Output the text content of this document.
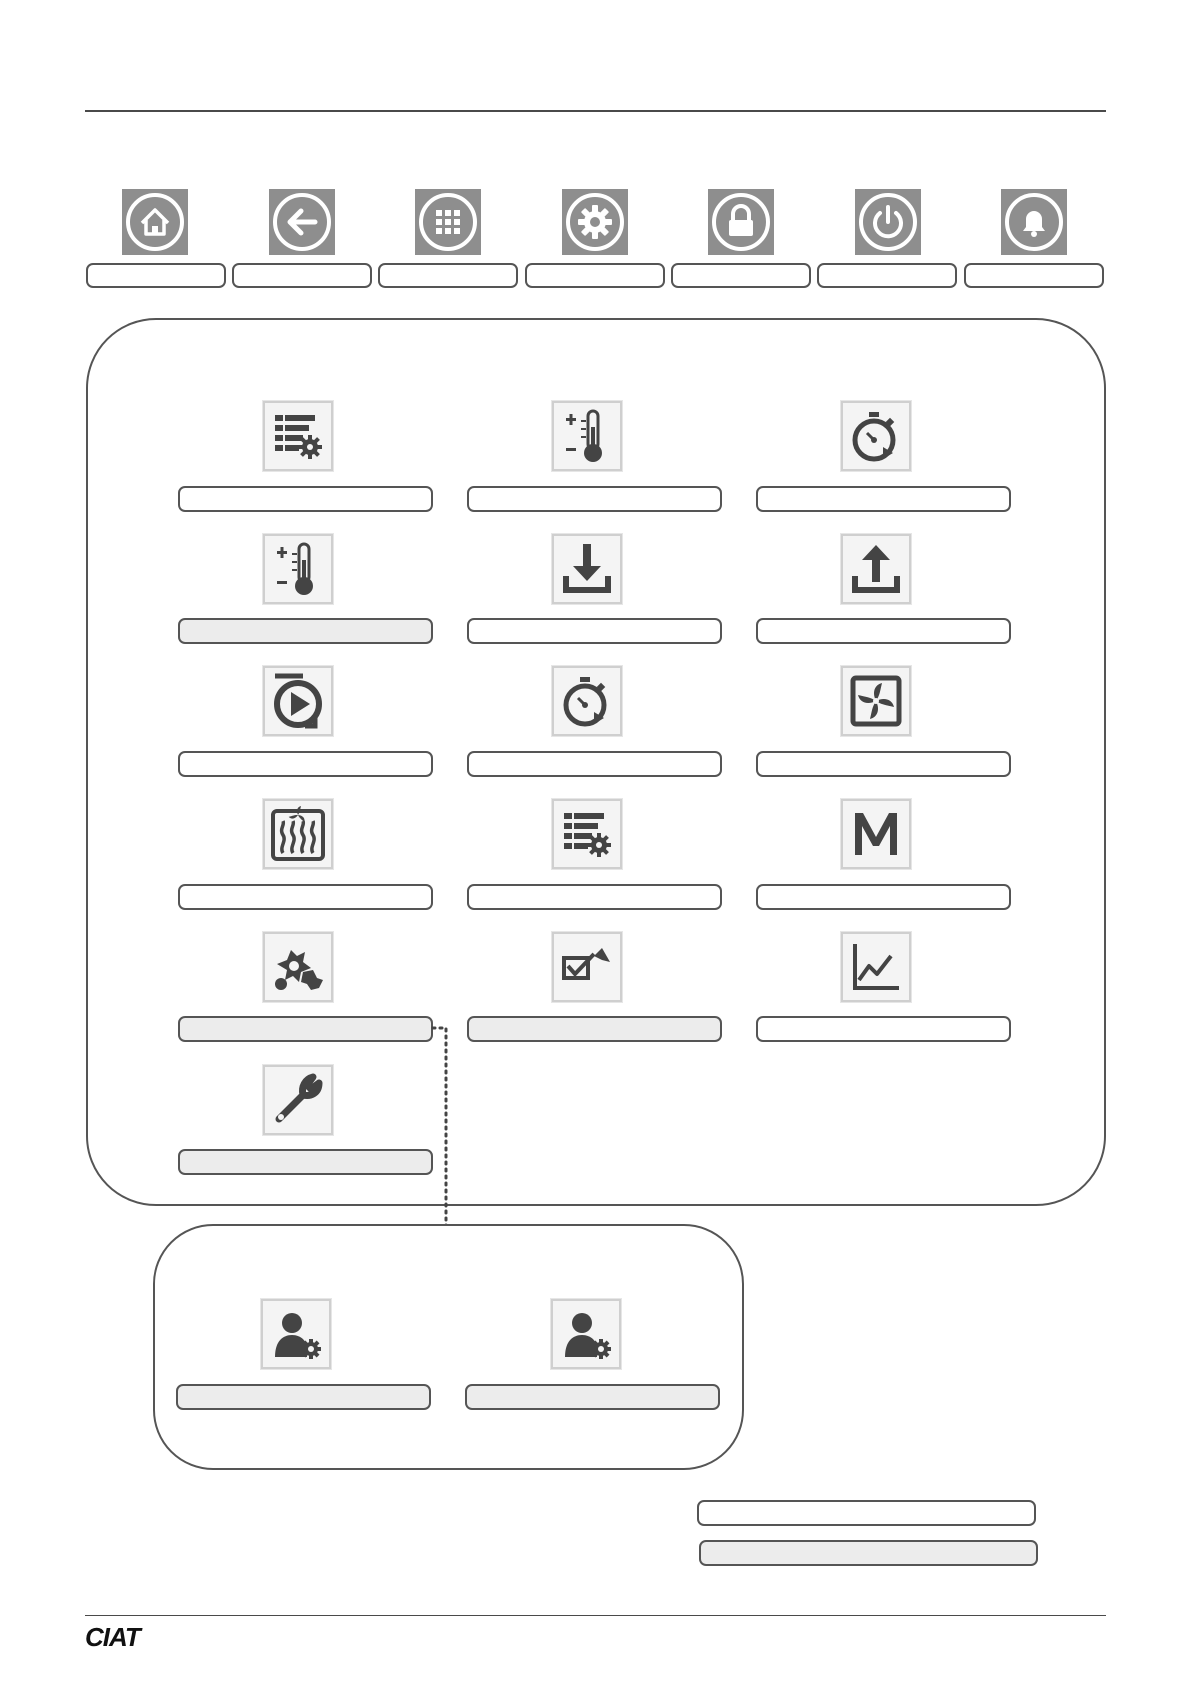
CIAT
